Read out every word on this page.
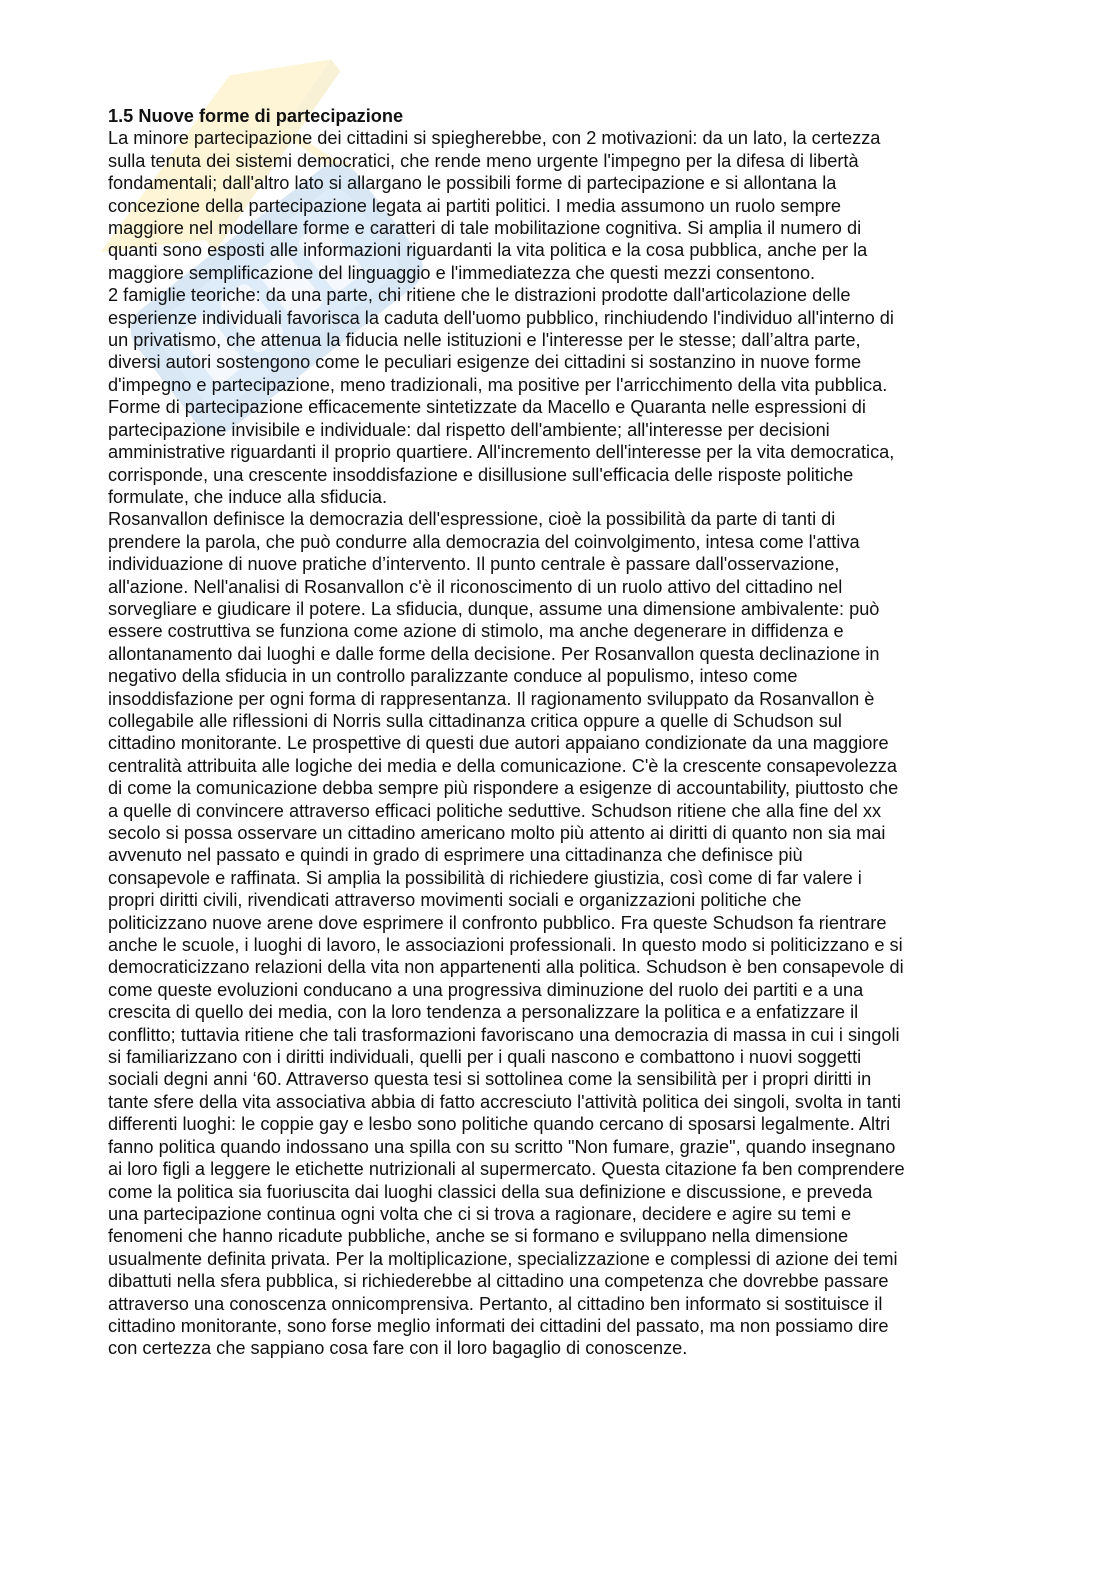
1.5 Nuove forme di partecipazione

La minore partecipazione dei cittadini si spiegherebbe, con 2 motivazioni: da un lato, la certezza
sulla tenuta dei sistemi democratici, che rende meno urgente l'impegno per la difesa di libertà
fondamentali; dall'altro lato si allargano le possibili forme di partecipazione e si allontana la
concezione della partecipazione legata ai partiti politici. I media assumono un ruolo sempre
maggiore nel modellare forme e caratteri di tale mobilitazione cognitiva. Si amplia il numero di
quanti sono esposti alle informazioni riguardanti la vita politica e la cosa pubblica, anche per la
maggiore semplificazione del linguaggio e l'immediatezza che questi mezzi consentono.

2 famiglie teoriche: da una parte, chi ritiene che le distrazioni prodotte dall'articolazione delle
esperienze individuali favorisca la caduta dell'uomo pubblico, rinchiudendo l'individuo all'interno di
un privatismo, che attenua la fiducia nelle istituzioni e l'interesse per le stesse; dall’altra parte,
diversi autori sostengono come le peculiari esigenze dei cittadini si sostanzino in nuove forme
d'impegno e partecipazione, meno tradizionali, ma positive per l'arricchimento della vita pubblica.

Forme di partecipazione efficacemente sintetizzate da Macello e Quaranta nelle espressioni di
partecipazione invisibile e individuale: dal rispetto dell'ambiente; all'interesse per decisioni
amministrative riguardanti il proprio quartiere. All'incremento dell'interesse per la vita democratica,
corrisponde, una crescente insoddisfazione e disillusione sull'efficacia delle risposte politiche
formulate, che induce alla sfiducia.

Rosanvallon definisce la democrazia dell'espressione, cioè la possibilità da parte di tanti di
prendere la parola, che può condurre alla democrazia del coinvolgimento, intesa come l'attiva
individuazione di nuove pratiche d’intervento. Il punto centrale è passare dall'osservazione,
all'azione. Nell'analisi di Rosanvallon c'è il riconoscimento di un ruolo attivo del cittadino nel
sorvegliare e giudicare il potere. La sfiducia, dunque, assume una dimensione ambivalente: può
essere costruttiva se funziona come azione di stimolo, ma anche degenerare in diffidenza e
allontanamento dai luoghi e dalle forme della decisione. Per Rosanvallon questa declinazione in
negativo della sfiducia in un controllo paralizzante conduce al populismo, inteso come
insoddisfazione per ogni forma di rappresentanza. Il ragionamento sviluppato da Rosanvallon è
collegabile alle riflessioni di Norris sulla cittadinanza critica oppure a quelle di Schudson sul
cittadino monitorante. Le prospettive di questi due autori appaiano condizionate da una maggiore
centralità attribuita alle logiche dei media e della comunicazione. C'è la crescente consapevolezza
di come la comunicazione debba sempre più rispondere a esigenze di accountability, piuttosto che
a quelle di convincere attraverso efficaci politiche seduttive. Schudson ritiene che alla fine del xx
secolo si possa osservare un cittadino americano molto più attento ai diritti di quanto non sia mai
avvenuto nel passato e quindi in grado di esprimere una cittadinanza che definisce più
consapevole e raffinata. Si amplia la possibilità di richiedere giustizia, così come di far valere i
propri diritti civili, rivendicati attraverso movimenti sociali e organizzazioni politiche che
politicizzano nuove arene dove esprimere il confronto pubblico. Fra queste Schudson fa rientrare
anche le scuole, i luoghi di lavoro, le associazioni professionali. In questo modo si politicizzano e si
democraticizzano relazioni della vita non appartenenti alla politica. Schudson è ben consapevole di
come queste evoluzioni conducano a una progressiva diminuzione del ruolo dei partiti e a una
crescita di quello dei media, con la loro tendenza a personalizzare la politica e a enfatizzare il
conflitto; tuttavia ritiene che tali trasformazioni favoriscano una democrazia di massa in cui i singoli
si familiarizzano con i diritti individuali, quelli per i quali nascono e combattono i nuovi soggetti
sociali degni anni ‘60. Attraverso questa tesi si sottolinea come la sensibilità per i propri diritti in
tante sfere della vita associativa abbia di fatto accresciuto l'attività politica dei singoli, svolta in tanti
differenti luoghi: le coppie gay e lesbo sono politiche quando cercano di sposarsi legalmente. Altri
fanno politica quando indossano una spilla con su scritto "Non fumare, grazie", quando insegnano
ai loro figli a leggere le etichette nutrizionali al supermercato. Questa citazione fa ben comprendere
come la politica sia fuoriuscita dai luoghi classici della sua definizione e discussione, e preveda
una partecipazione continua ogni volta che ci si trova a ragionare, decidere e agire su temi e
fenomeni che hanno ricadute pubbliche, anche se si formano e sviluppano nella dimensione
usualmente definita privata. Per la moltiplicazione, specializzazione e complessi di azione dei temi
dibattuti nella sfera pubblica, si richiederebbe al cittadino una competenza che dovrebbe passare
attraverso una conoscenza onnicomprensiva. Pertanto, al cittadino ben informato si sostituisce il
cittadino monitorante, sono forse meglio informati dei cittadini del passato, ma non possiamo dire
con certezza che sappiano cosa fare con il loro bagaglio di conoscenze.
